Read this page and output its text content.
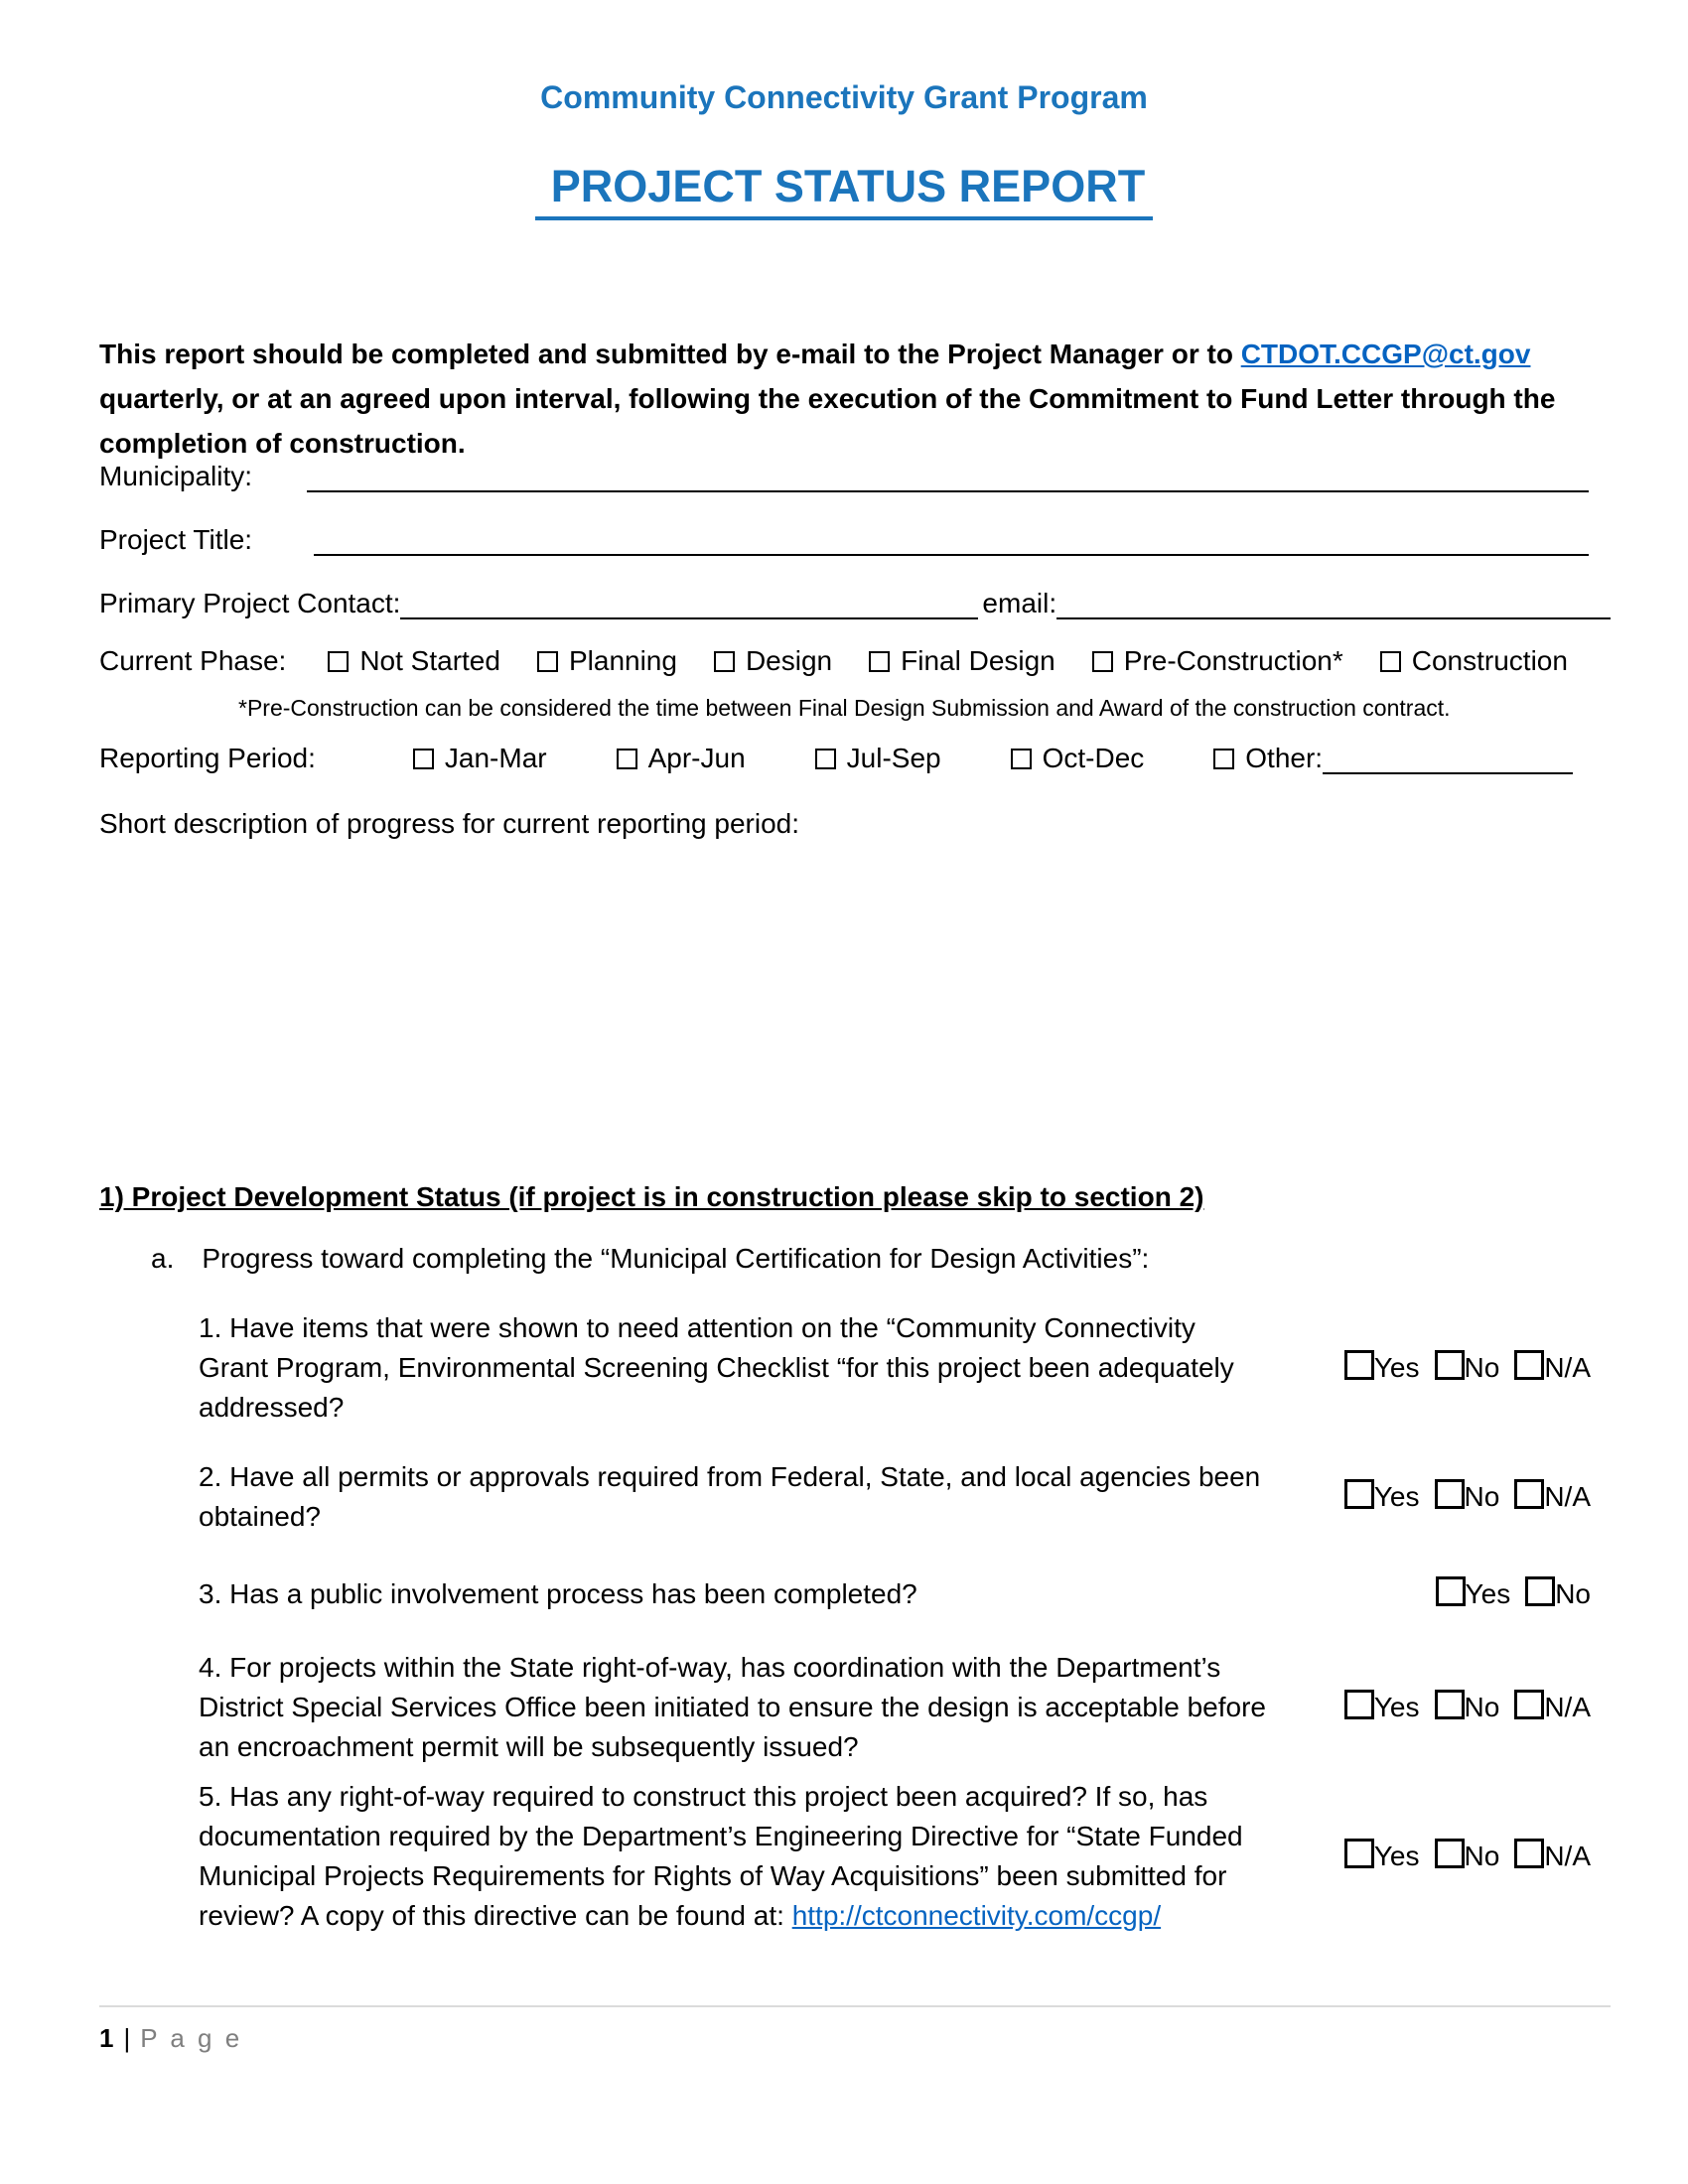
Community Connectivity Grant Program
PROJECT STATUS REPORT

This report should be completed and submitted by e-mail to the Project Manager or to CTDOT.CCGP@ct.gov quarterly, or at an agreed upon interval, following the execution of the Commitment to Fund Letter through the completion of construction.

Municipality:
Project Title:
Primary Project Contact:	email:
Current Phase:	Not Started Planning Design Final Design Pre-Construction* Construction
*Pre-Construction can be considered the time between Final Design Submission and Award of the construction contract.
Reporting Period:	Jan-Mar	Apr-Jun	Jul-Sep	Oct-Dec	Other:
Short description of progress for current reporting period:
1) Project Development Status (if project is in construction please skip to section 2)
a. Progress toward completing the “Municipal Certification for Design Activities”:
1. Have items that were shown to need attention on the “Community Connectivity Grant Program, Environmental Screening Checklist “for this project been adequately addressed?
Yes No N/A
2. Have all permits or approvals required from Federal, State, and local agencies been obtained?
Yes No N/A
3. Has a public involvement process has been completed?	Yes No
4. For projects within the State right-of-way, has coordination with the Department’s District Special Services Office been initiated to ensure the design is acceptable before an encroachment permit will be subsequently issued?
Yes No N/A
5. Has any right-of-way required to construct this project been acquired? If so, has documentation required by the Department’s Engineering Directive for “State Funded Municipal Projects Requirements for Rights of Way Acquisitions” been submitted for review? A copy of this directive can be found at: http://ctconnectivity.com/ccgp/
Yes No N/A
1 | P a g e
